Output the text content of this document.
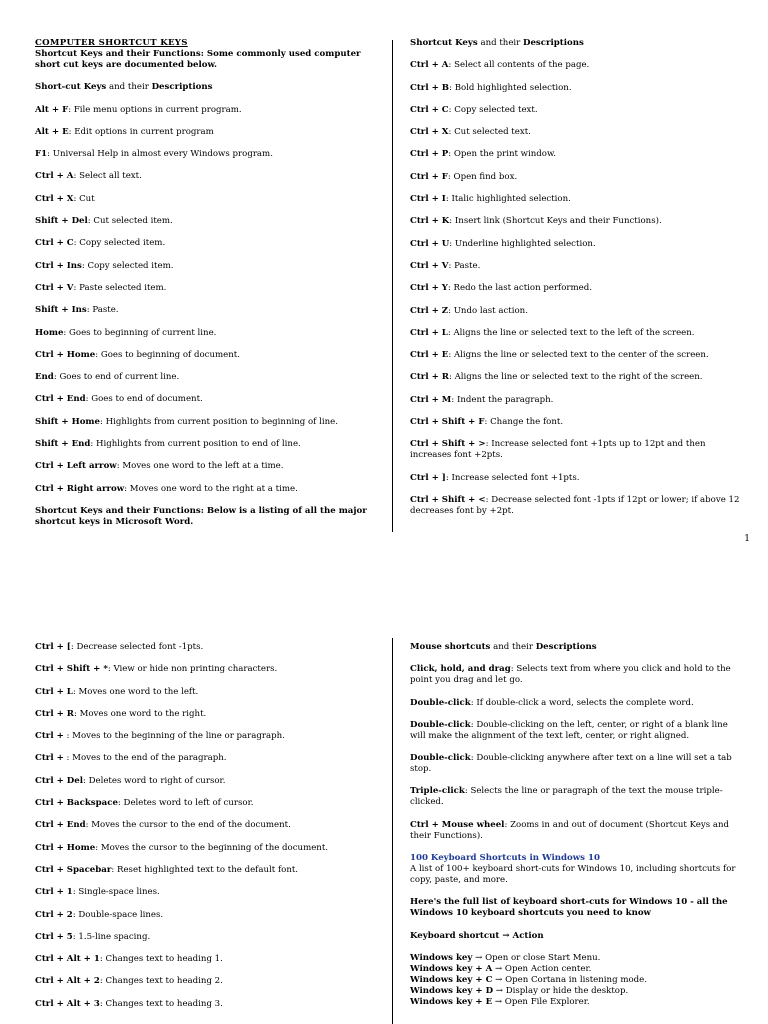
COMPUTER SHORTCUT KEYS

Shortcut Keys and their Functions: Some commonly used computer short cut keys are documented below.

Short-cut Keys and their Descriptions

Alt + F: File menu options in current program.

Alt + E: Edit options in current program

F1: Universal Help in almost every Windows program.

Ctrl + A: Select all text.

Ctrl + X: Cut

Shift + Del: Cut selected item.

Ctrl + C: Copy selected item.

Ctrl + Ins: Copy selected item.

Ctrl + V: Paste selected item.

Shift + Ins: Paste.

Home: Goes to beginning of current line.

Ctrl + Home: Goes to beginning of document.

End: Goes to end of current line.

Ctrl + End: Goes to end of document.

Shift + Home: Highlights from current position to beginning of line.

Shift + End: Highlights from current position to end of line.

Ctrl + Left arrow: Moves one word to the left at a time.

Ctrl + Right arrow: Moves one word to the right at a time.

Shortcut Keys and their Functions: Below is a listing of all the major shortcut keys in Microsoft Word.

Shortcut Keys and their Descriptions

Ctrl + A: Select all contents of the page.

Ctrl + B: Bold highlighted selection.

Ctrl + C: Copy selected text.

Ctrl + X: Cut selected text.

Ctrl + P: Open the print window.

Ctrl + F: Open find box.

Ctrl + I: Italic highlighted selection.

Ctrl + K: Insert link (Shortcut Keys and their Functions).

Ctrl + U: Underline highlighted selection.

Ctrl + V: Paste.

Ctrl + Y: Redo the last action performed.

Ctrl + Z: Undo last action.

Ctrl + L: Aligns the line or selected text to the left of the screen.

Ctrl + E: Aligns the line or selected text to the center of the screen.

Ctrl + R: Aligns the line or selected text to the right of the screen.

Ctrl + M: Indent the paragraph.

Ctrl + Shift + F: Change the font.

Ctrl + Shift + >: Increase selected font +1pts up to 12pt and then increases font +2pts.

Ctrl + ]: Increase selected font +1pts.

Ctrl + Shift + <: Decrease selected font -1pts if 12pt or lower; if above 12 decreases font by +2pt.

1

Ctrl + [: Decrease selected font -1pts.

Ctrl + Shift + *: View or hide non printing characters.

Ctrl + L: Moves one word to the left.

Ctrl + R: Moves one word to the right.

Ctrl + : Moves to the beginning of the line or paragraph.

Ctrl + : Moves to the end of the paragraph.

Ctrl + Del: Deletes word to right of cursor.

Ctrl + Backspace: Deletes word to left of cursor.

Ctrl + End: Moves the cursor to the end of the document.

Ctrl + Home: Moves the cursor to the beginning of the document.

Ctrl + Spacebar: Reset highlighted text to the default font.

Ctrl + 1: Single-space lines.

Ctrl + 2: Double-space lines.

Ctrl + 5: 1.5-line spacing.

Ctrl + Alt + 1: Changes text to heading 1.

Ctrl + Alt + 2: Changes text to heading 2.

Ctrl + Alt + 3: Changes text to heading 3.

Mouse shortcuts and their Descriptions

Click, hold, and drag: Selects text from where you click and hold to the point you drag and let go.

Double-click: If double-click a word, selects the complete word.

Double-click: Double-clicking on the left, center, or right of a blank line will make the alignment of the text left, center, or right aligned.

Double-click: Double-clicking anywhere after text on a line will set a tab stop.

Triple-click: Selects the line or paragraph of the text the mouse triple-clicked.

Ctrl + Mouse wheel: Zooms in and out of document (Shortcut Keys and their Functions).

100 Keyboard Shortcuts in Windows 10

A list of 100+ keyboard short-cuts for Windows 10, including shortcuts for copy, paste, and more.

Here's the full list of keyboard short-cuts for Windows 10 - all the Windows 10 keyboard shortcuts you need to know

Keyboard shortcut → Action

Windows key → Open or close Start Menu.

Windows key + A → Open Action center.

Windows key + C → Open Cortana in listening mode.

Windows key + D → Display or hide the desktop.

Windows key + E → Open File Explorer.
